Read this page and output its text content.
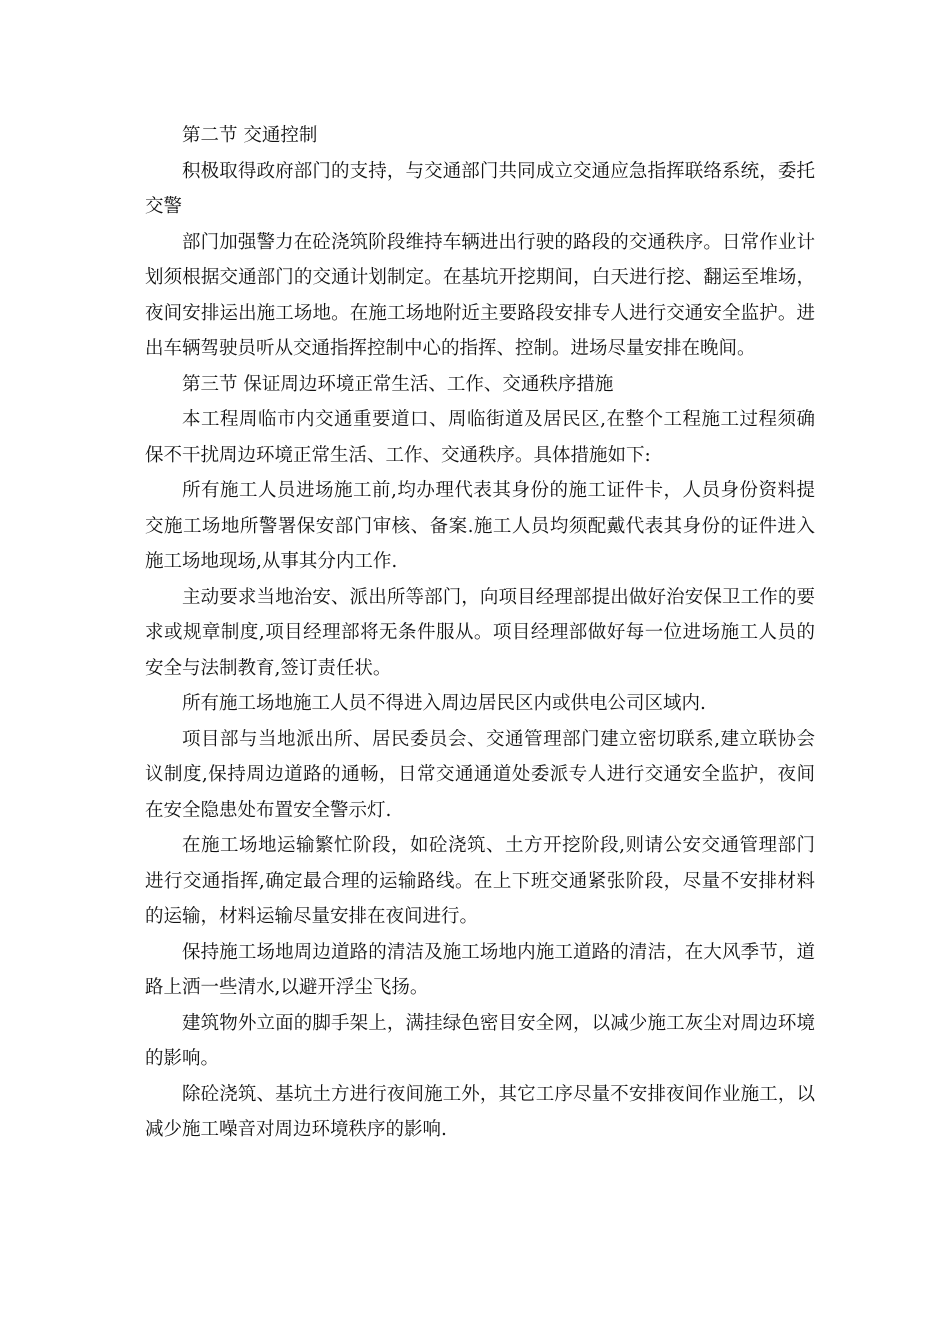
第二节 交通控制

积极取得政府部门的支持，与交通部门共同成立交通应急指挥联络系统，委托交警

部门加强警力在砼浇筑阶段维持车辆进出行驶的路段的交通秩序。日常作业计划须根据交通部门的交通计划制定。在基坑开挖期间，白天进行挖、翻运至堆场，夜间安排运出施工场地。在施工场地附近主要路段安排专人进行交通安全监护。进出车辆驾驶员听从交通指挥控制中心的指挥、控制。进场尽量安排在晚间。

第三节 保证周边环境正常生活、工作、交通秩序措施

本工程周临市内交通重要道口、周临街道及居民区,在整个工程施工过程须确保不干扰周边环境正常生活、工作、交通秩序。具体措施如下:

所有施工人员进场施工前,均办理代表其身份的施工证件卡，人员身份资料提交施工场地所警署保安部门审核、备案.施工人员均须配戴代表其身份的证件进入施工场地现场,从事其分内工作.

主动要求当地治安、派出所等部门，向项目经理部提出做好治安保卫工作的要求或规章制度,项目经理部将无条件服从。项目经理部做好每一位进场施工人员的安全与法制教育,签订责任状。

所有施工场地施工人员不得进入周边居民区内或供电公司区域内.

项目部与当地派出所、居民委员会、交通管理部门建立密切联系,建立联协会议制度,保持周边道路的通畅，日常交通通道处委派专人进行交通安全监护，夜间在安全隐患处布置安全警示灯.

在施工场地运输繁忙阶段，如砼浇筑、土方开挖阶段,则请公安交通管理部门进行交通指挥,确定最合理的运输路线。在上下班交通紧张阶段，尽量不安排材料的运输，材料运输尽量安排在夜间进行。

保持施工场地周边道路的清洁及施工场地内施工道路的清洁，在大风季节，道路上洒一些清水,以避开浮尘飞扬。

建筑物外立面的脚手架上，满挂绿色密目安全网，以减少施工灰尘对周边环境的影响。

除砼浇筑、基坑土方进行夜间施工外，其它工序尽量不安排夜间作业施工，以减少施工噪音对周边环境秩序的影响.
